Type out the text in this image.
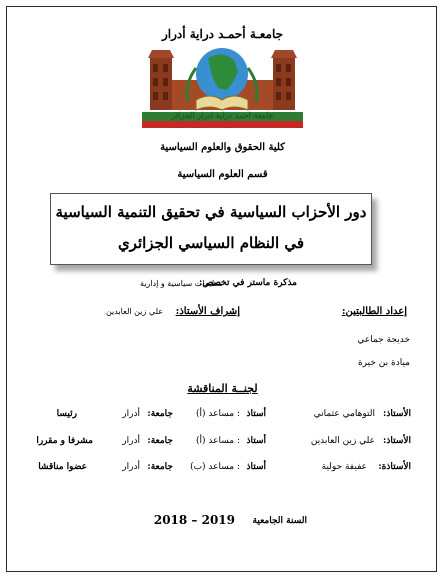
جامعـة أحمـد دراية أدرار
جامعة احمد دراية ادرار الجزائر
Université Ahmed DRAIA. Adrar- Algérie
كلية الحقوق والعلوم السياسية
قسم العلوم السياسية
دور الأحزاب السياسية في تحقيق التنمية السياسية
في النظام السياسي الجزائري
مذكرة ماستر في تخصص:
تنظيمات سياسية و إدارية
إعداد الطالبتين:
خديجة جماعي
ميادة بن خيرة
إشراف الأستاذ:
علي زين العابدين
لجنــة المناقشة
الأستاذ:
التوهامي عثماني
أستاذ
: مساعد (أ)
جامعة:
أدرار
رئيسا
الأستاذ:
علي زين العابدين
أستاذ
: مساعد (أ)
جامعة:
أدرار
مشرفا و مقررا
الأستاذة:
عفيفة حولية
أستاذ
: مساعد (ب)
جامعة:
أدرار
عضوا مناقشا
السنة الجامعية
2018 – 2019
